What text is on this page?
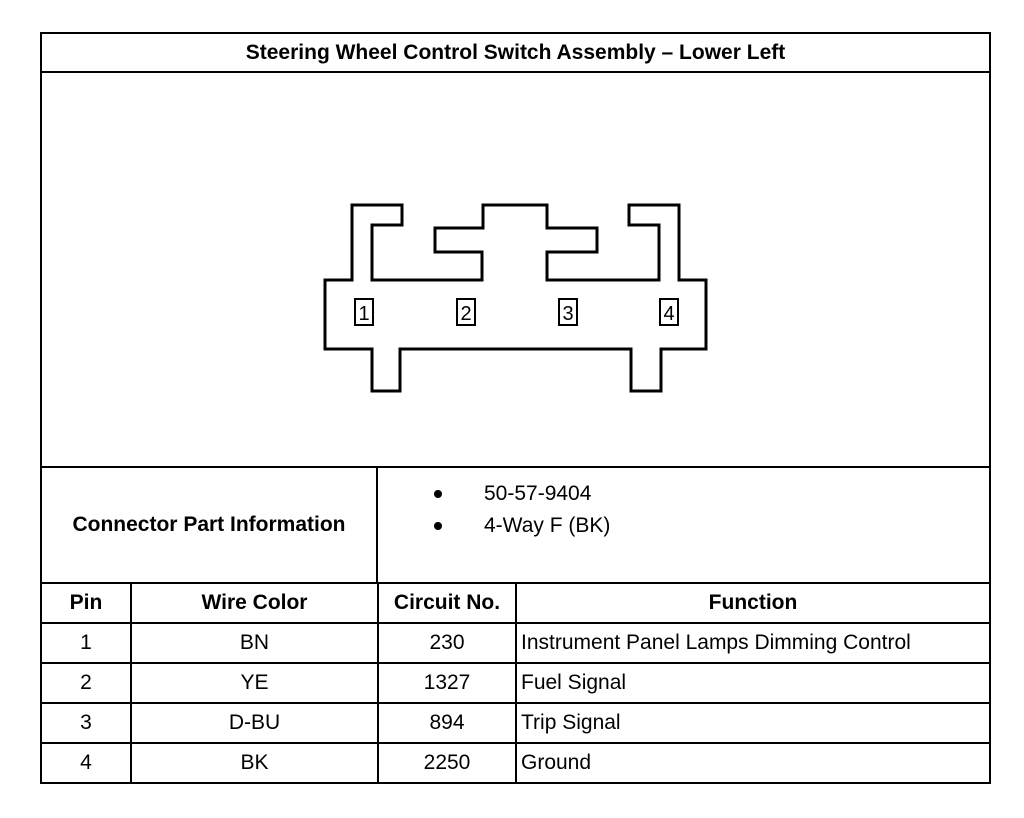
Steering Wheel Control Switch Assembly – Lower Left
1	2	3	4
Connector Part Information
50-57-9404
4-Way F (BK)
Pin	Wire Color	Circuit No.	Function
1	BN	230	Instrument Panel Lamps Dimming Control
2	YE	1327	Fuel Signal
3	D-BU	894	Trip Signal
4	BK	2250	Ground
